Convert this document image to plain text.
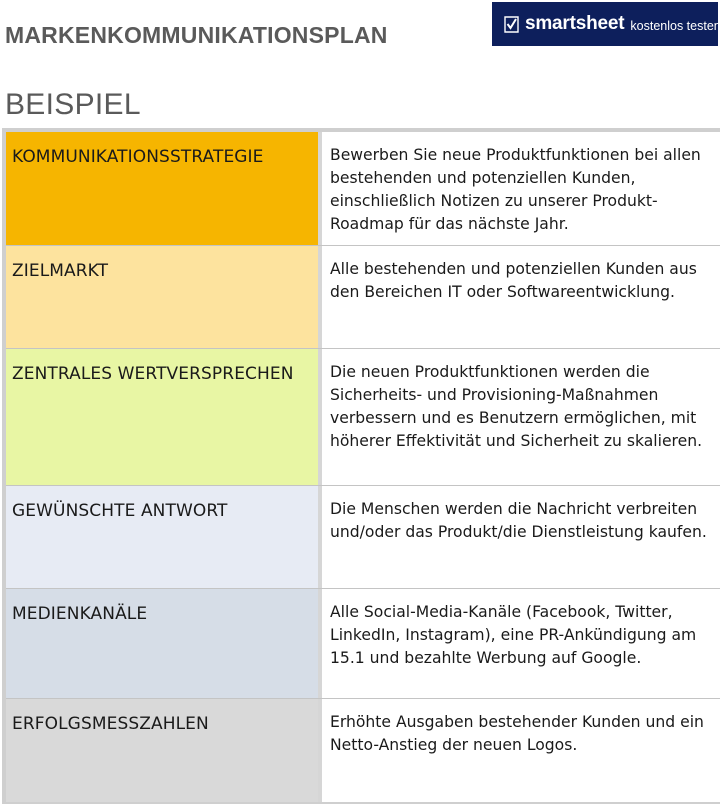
MARKENKOMMUNIKATIONSPLAN	smartsheet kostenlos testen
BEISPIEL
KOMMUNIKATIONSSTRATEGIE	Bewerben Sie neue Produktfunktionen bei allen bestehenden und potenziellen Kunden, einschließlich Notizen zu unserer Produkt-Roadmap für das nächste Jahr.
ZIELMARKT	Alle bestehenden und potenziellen Kunden aus den Bereichen IT oder Softwareentwicklung.
ZENTRALES WERTVERSPRECHEN	Die neuen Produktfunktionen werden die Sicherheits- und Provisioning-Maßnahmen verbessern und es Benutzern ermöglichen, mit höherer Effektivität und Sicherheit zu skalieren.
GEWÜNSCHTE ANTWORT	Die Menschen werden die Nachricht verbreiten und/oder das Produkt/die Dienstleistung kaufen.
MEDIENKANÄLE	Alle Social-Media-Kanäle (Facebook, Twitter, LinkedIn, Instagram), eine PR-Ankündigung am 15.1 und bezahlte Werbung auf Google.
ERFOLGSMESSZAHLEN	Erhöhte Ausgaben bestehender Kunden und ein Netto-Anstieg der neuen Logos.
